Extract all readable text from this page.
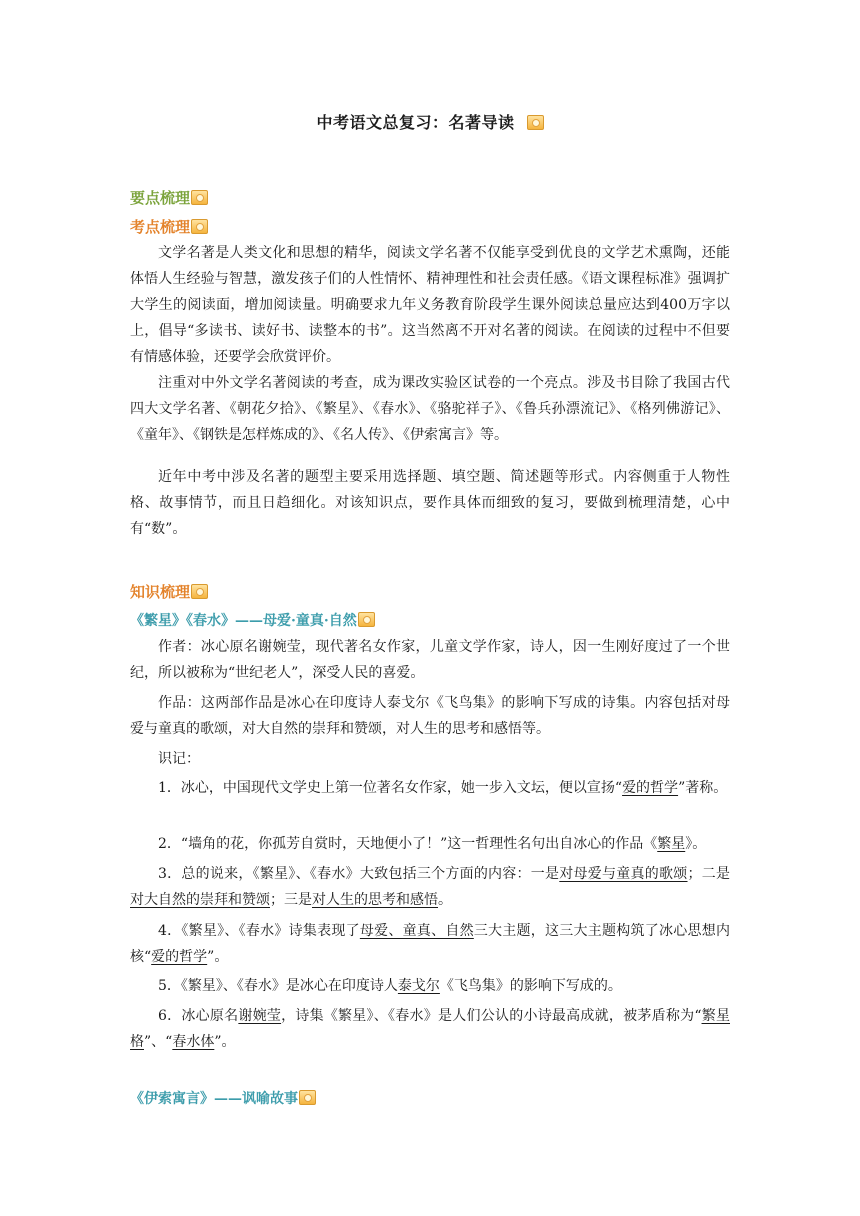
中考语文总复习：名著导读
要点梳理
考点梳理

文学名著是人类文化和思想的精华，阅读文学名著不仅能享受到优良的文学艺术熏陶，还能体悟人生经验与智慧，激发孩子们的人性情怀、精神理性和社会责任感。《语文课程标准》强调扩大学生的阅读面，增加阅读量。明确要求九年义务教育阶段学生课外阅读总量应达到400万字以上，倡导“多读书、读好书、读整本的书”。这当然离不开对名著的阅读。在阅读的过程中不但要有情感体验，还要学会欣赏评价。

注重对中外文学名著阅读的考查，成为课改实验区试卷的一个亮点。涉及书目除了我国古代四大文学名著、《朝花夕拾》、《繁星》、《春水》、《骆驼祥子》、《鲁兵孙漂流记》、《格列佛游记》、《童年》、《钢铁是怎样炼成的》、《名人传》、《伊索寓言》等。

近年中考中涉及名著的题型主要采用选择题、填空题、简述题等形式。内容侧重于人物性格、故事情节，而且日趋细化。对该知识点，要作具体而细致的复习，要做到梳理清楚，心中有“数”。

知识梳理
《繁星》《春水》——母爱·童真·自然

作者：冰心原名谢婉莹，现代著名女作家，儿童文学作家，诗人，因一生刚好度过了一个世纪，所以被称为“世纪老人”，深受人民的喜爱。

作品：这两部作品是冰心在印度诗人泰戈尔《飞鸟集》的影响下写成的诗集。内容包括对母爱与童真的歌颂，对大自然的崇拜和赞颂，对人生的思考和感悟等。

识记：

1．冰心，中国现代文学史上第一位著名女作家，她一步入文坛，便以宣扬“爱的哲学”著称。

2．“墙角的花，你孤芳自赏时，天地便小了！”这一哲理性名句出自冰心的作品《繁星》。

3．总的说来，《繁星》、《春水》大致包括三个方面的内容：一是对母爱与童真的歌颂；二是对大自然的崇拜和赞颂；三是对人生的思考和感悟。

4．《繁星》、《春水》诗集表现了母爱、童真、自然三大主题，这三大主题构筑了冰心思想内核“爱的哲学”。

5．《繁星》、《春水》是冰心在印度诗人泰戈尔《飞鸟集》的影响下写成的。

6．冰心原名谢婉莹，诗集《繁星》、《春水》是人们公认的小诗最高成就，被茅盾称为“繁星格”、“春水体”。

《伊索寓言》——讽喻故事
